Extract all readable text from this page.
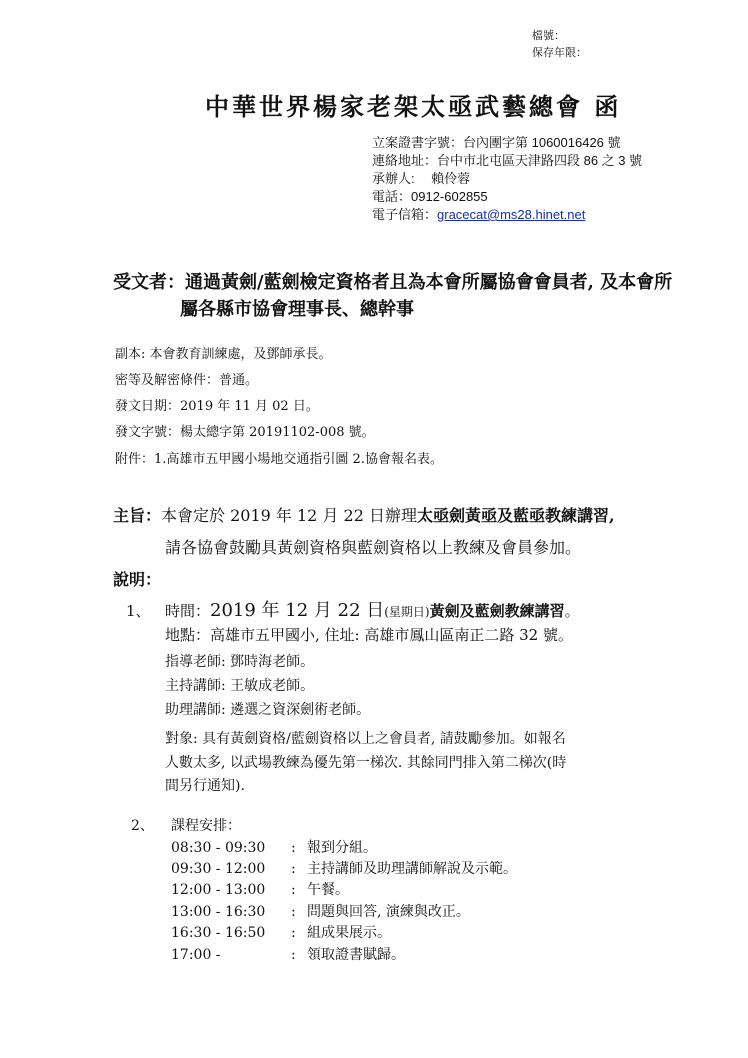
檔號：
保存年限：
中華世界楊家老架太亟武藝總會 函
立案證書字號：台內團字第 1060016426 號
連絡地址：台中市北屯區天津路四段 86 之 3 號
承辦人:　 賴伶蓉
電話：0912-602855
電子信箱：gracecat@ms28.hinet.net
受文者：通過黃劍/藍劍檢定資格者且為本會所屬協會會員者, 及本會所
屬各縣市協會理事長、總幹事
副本: 本會教育訓練處，及鄧師承長。
密等及解密條件：普通。
發文日期：2019 年 11 月 02 日。
發文字號：楊太總字第 20191102-008 號。
附件：1.高雄市五甲國小場地交通指引圖 2.協會報名表。
主旨：本會定於 2019 年 12 月 22 日辦理太亟劍黃亟及藍亟教練講習,
請各協會鼓勵具黃劍資格與藍劍資格以上教練及會員參加。
說明：
1、 時間：2019 年 12 月 22 日(星期日)黃劍及藍劍教練講習。
地點：高雄市五甲國小, 住址: 高雄市鳳山區南正二路 32 號。
指導老師: 鄧時海老師。
主持講師: 王敏成老師。
助理講師: 遴選之資深劍術老師。
對象: 具有黃劍資格/藍劍資格以上之會員者, 請鼓勵參加。如報名
人數太多, 以武場教練為優先第一梯次. 其餘同門排入第二梯次(時
間另行通知).
2、 課程安排：
08:30 - 09:30 : 報到分組。
09:30 - 12:00 : 主持講師及助理講師解說及示範。
12:00 - 13:00 : 午餐。
13:00 - 16:30 : 問題與回答, 演練與改正。
16:30 - 16:50 : 組成果展示。
17:00 -	: 領取證書賦歸。
